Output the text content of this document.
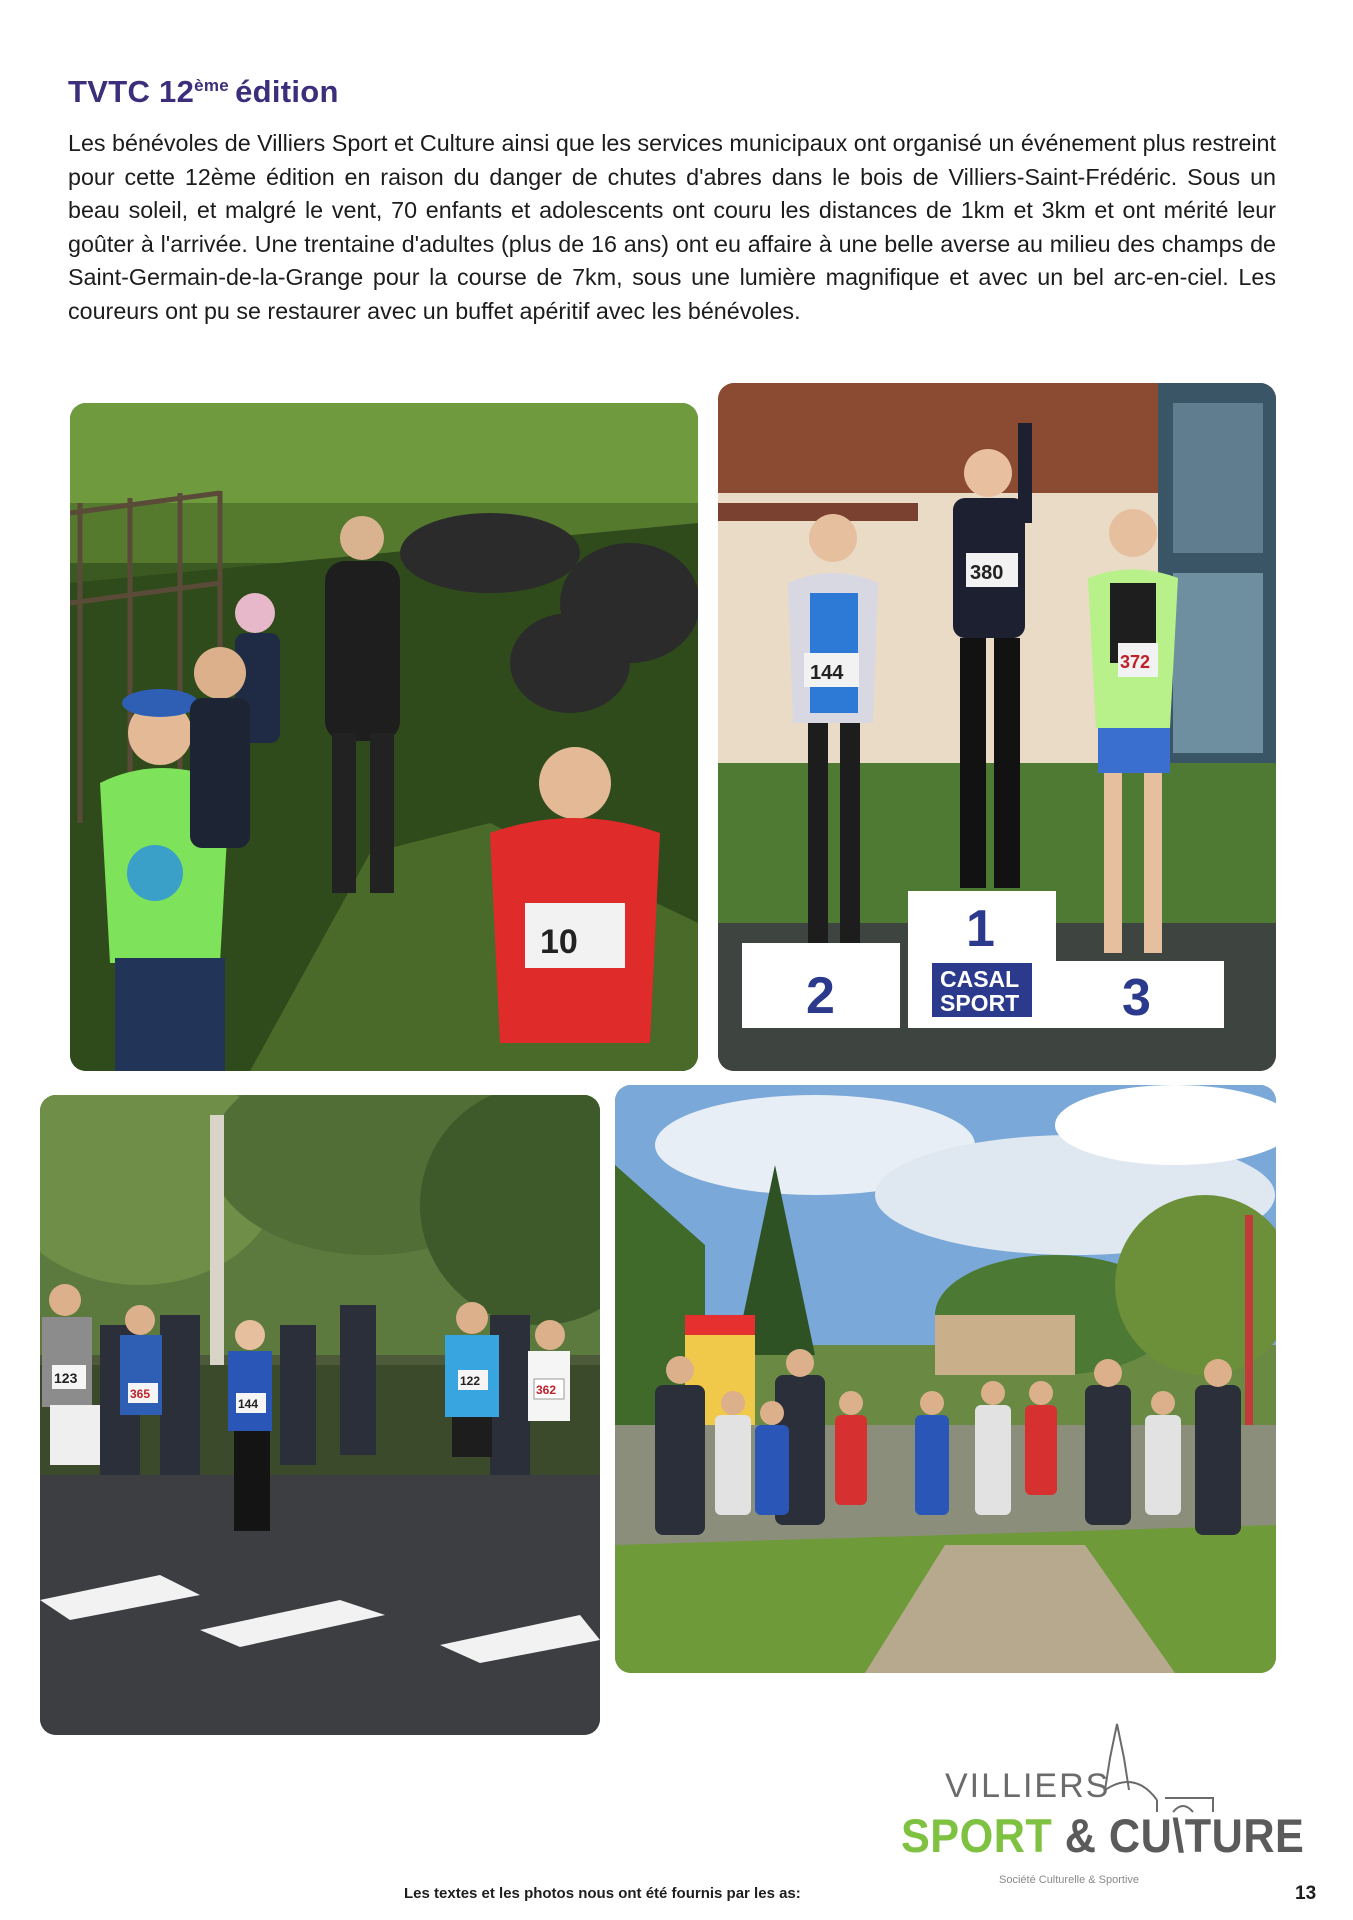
TVTC 12ème édition

Les bénévoles de Villiers Sport et Culture ainsi que les services municipaux ont organisé un événement plus restreint pour cette 12ème édition en raison du danger de chutes d'abres dans le bois de Villiers-Saint-Frédéric. Sous un beau soleil, et malgré le vent, 70 enfants et adolescents ont couru les distances de 1km et 3km et ont mérité leur goûter à l'arrivée. Une trentaine d'adultes (plus de 16 ans) ont eu affaire à une belle averse au milieu des champs de Saint-Germain-de-la-Grange pour la course de 7km, sous une lumière magnifique et avec un bel arc-en-ciel. Les coureurs ont pu se restaurer avec un buffet apéritif avec les bénévoles.

10
2
1
3
CASAL
SPORT
144
380
372
123
365
144
122
362
VILLIERS
SPORT & CU\TURE
Société Culturelle & Sportive
Les textes et les photos nous ont été fournis par les as:	13
